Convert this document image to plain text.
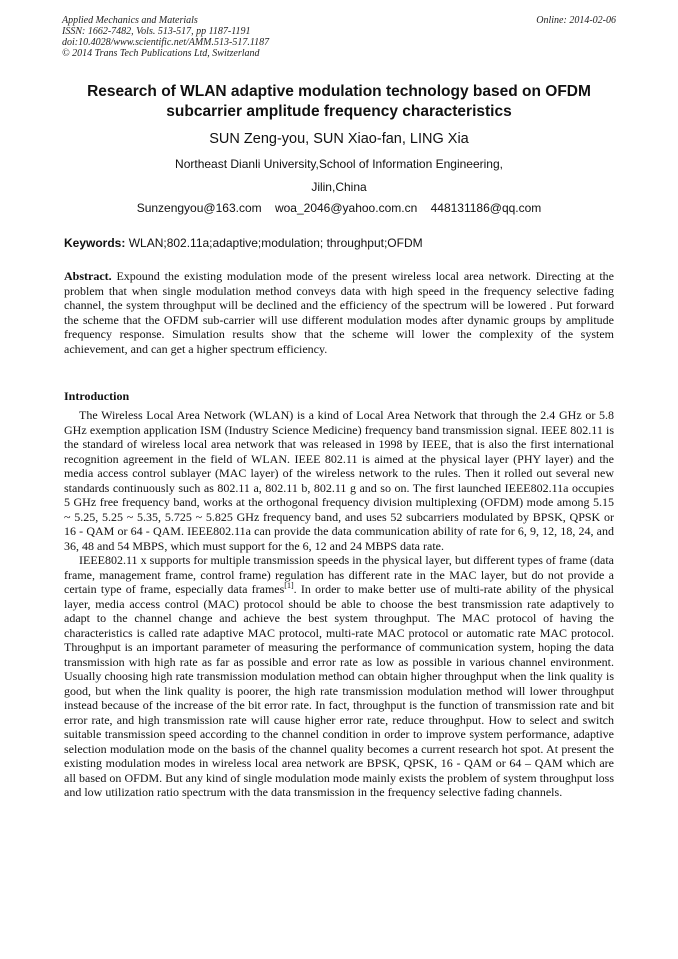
Applied Mechanics and Materials
ISSN: 1662-7482, Vols. 513-517, pp 1187-1191
doi:10.4028/www.scientific.net/AMM.513-517.1187
© 2014 Trans Tech Publications Ltd, Switzerland
Online: 2014-02-06
Research of WLAN adaptive modulation technology based on OFDM
subcarrier amplitude frequency characteristics
SUN Zeng-you, SUN Xiao-fan, LING Xia
Northeast Dianli University,School of Information Engineering,
Jilin,China
Sunzengyou@163.com woa_2046@yahoo.com.cn 448131186@qq.com
Keywords: WLAN;802.11a;adaptive;modulation; throughput;OFDM
Abstract. Expound the existing modulation mode of the present wireless local area network. Directing at the problem that when single modulation method conveys data with high speed in the frequency selective fading channel, the system throughput will be declined and the efficiency of the spectrum will be lowered . Put forward the scheme that the OFDM sub-carrier will use different modulation modes after dynamic groups by amplitude frequency response. Simulation results show that the scheme will lower the complexity of the system achievement, and can get a higher spectrum efficiency.
Introduction

The Wireless Local Area Network (WLAN) is a kind of Local Area Network that through the 2.4 GHz or 5.8 GHz exemption application ISM (Industry Science Medicine) frequency band transmission signal. IEEE 802.11 is the standard of wireless local area network that was released in 1998 by IEEE, that is also the first international recognition agreement in the field of WLAN. IEEE 802.11 is aimed at the physical layer (PHY layer) and the media access control sublayer (MAC layer) of the wireless network to the rules. Then it rolled out several new standards continuously such as 802.11 a, 802.11 b, 802.11 g and so on. The first launched IEEE802.11a occupies 5 GHz free frequency band, works at the orthogonal frequency division multiplexing (OFDM) mode among 5.15 ~ 5.25, 5.25 ~ 5.35, 5.725 ~ 5.825 GHz frequency band, and uses 52 subcarriers modulated by BPSK, QPSK or 16 - QAM or 64 - QAM. IEEE802.11a can provide the data communication ability of rate for 6, 9, 12, 18, 24, and 36, 48 and 54 MBPS, which must support for the 6, 12 and 24 MBPS data rate.

IEEE802.11 x supports for multiple transmission speeds in the physical layer, but different types of frame (data frame, management frame, control frame) regulation has different rate in the MAC layer, but do not provide a certain type of frame, especially data frames[1]. In order to make better use of multi-rate ability of the physical layer, media access control (MAC) protocol should be able to choose the best transmission rate adaptively to adapt to the channel change and achieve the best system throughput. The MAC protocol of having the characteristics is called rate adaptive MAC protocol, multi-rate MAC protocol or automatic rate MAC protocol. Throughput is an important parameter of measuring the performance of communication system, hoping the data transmission with high rate as far as possible and error rate as low as possible in various channel environment. Usually choosing high rate transmission modulation method can obtain higher throughput when the link quality is good, but when the link quality is poorer, the high rate transmission modulation method will lower throughput instead because of the increase of the bit error rate. In fact, throughput is the function of transmission rate and bit error rate, and high transmission rate will cause higher error rate, reduce throughput. How to select and switch suitable transmission speed according to the channel condition in order to improve system performance, adaptive selection modulation mode on the basis of the channel quality becomes a current research hot spot. At present the existing modulation modes in wireless local area network are BPSK, QPSK, 16 - QAM or 64 – QAM which are all based on OFDM. But any kind of single modulation mode mainly exists the problem of system throughput loss and low utilization ratio spectrum with the data transmission in the frequency selective fading channels.
